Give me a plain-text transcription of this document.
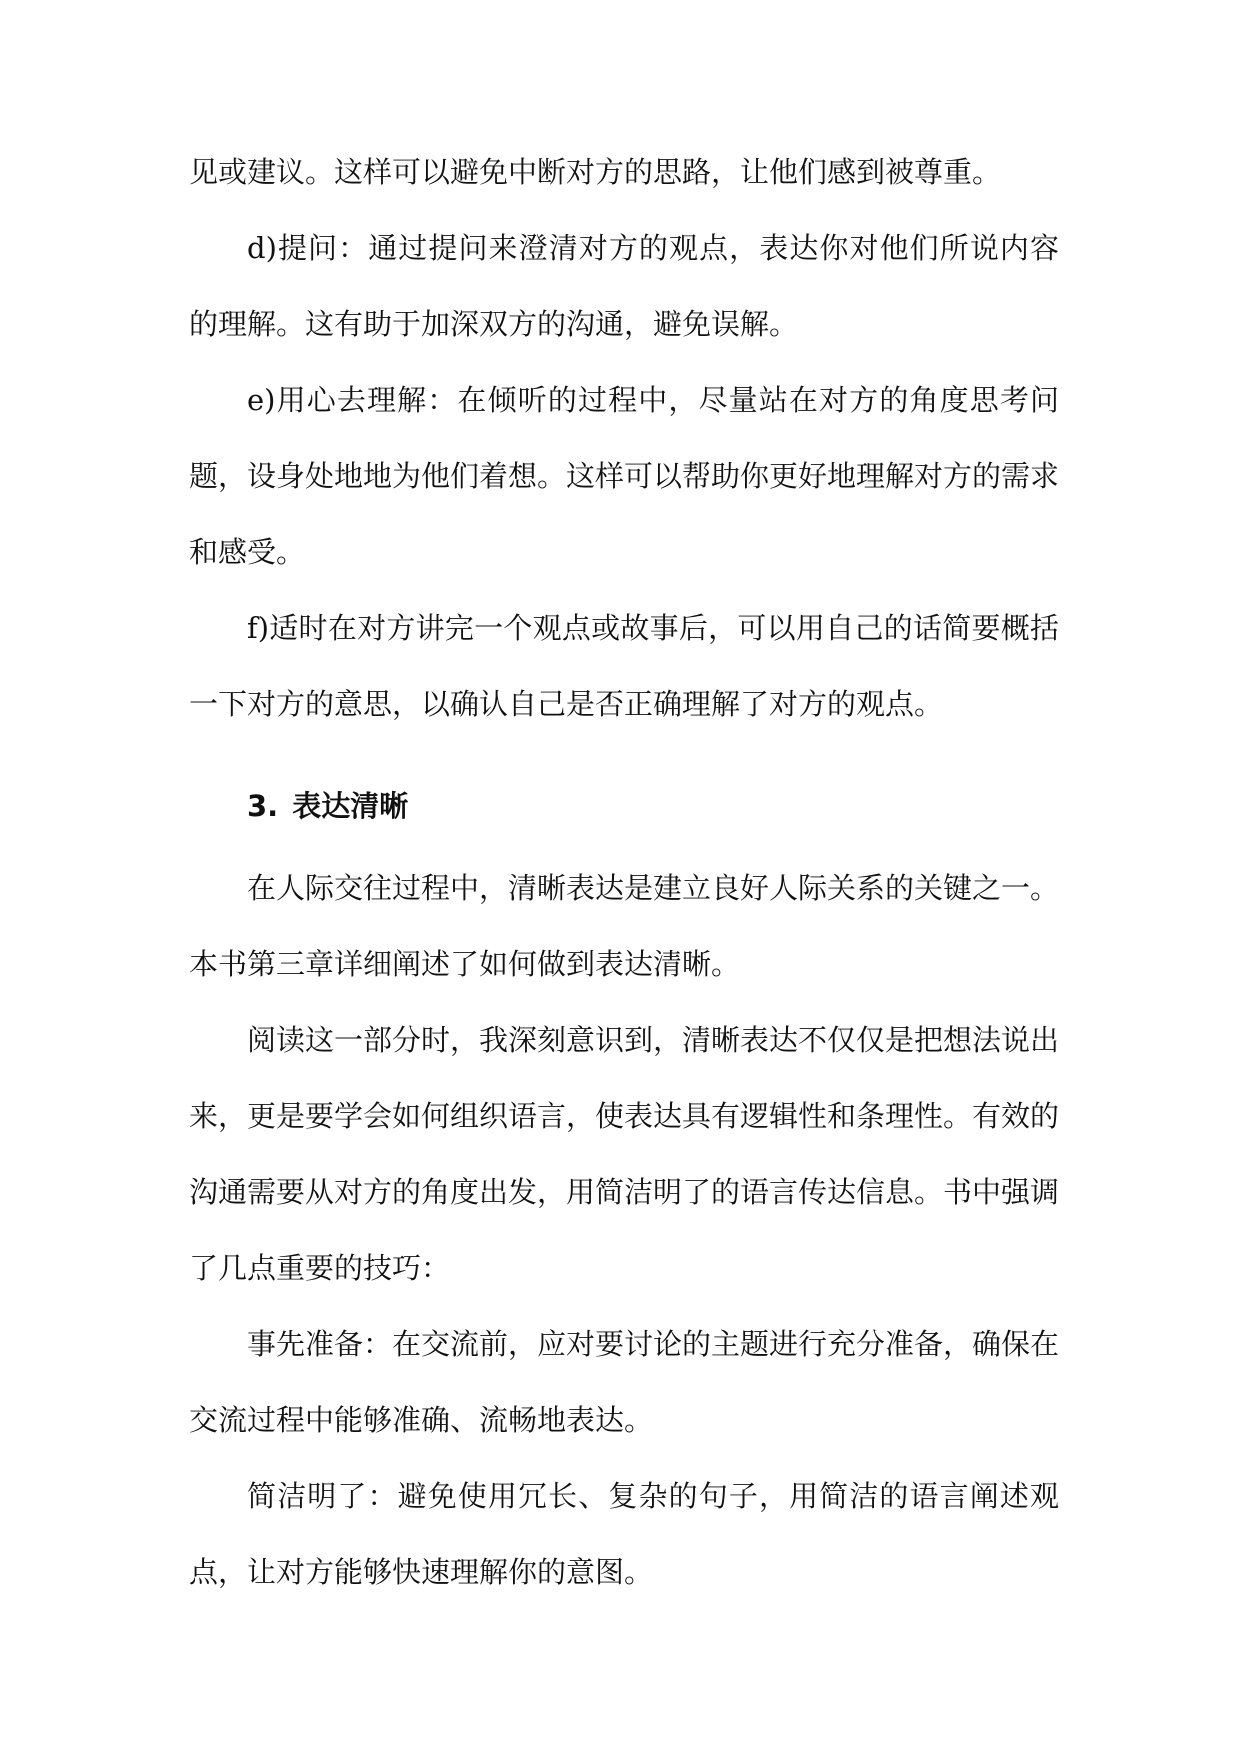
见或建议。这样可以避免中断对方的思路，让他们感到被尊重。

d)提问：通过提问来澄清对方的观点，表达你对他们所说内容的理解。这有助于加深双方的沟通，避免误解。

e)用心去理解：在倾听的过程中，尽量站在对方的角度思考问题，设身处地地为他们着想。这样可以帮助你更好地理解对方的需求和感受。

f)适时在对方讲完一个观点或故事后，可以用自己的话简要概括一下对方的意思，以确认自己是否正确理解了对方的观点。

3. 表达清晰

在人际交往过程中，清晰表达是建立良好人际关系的关键之一。本书第三章详细阐述了如何做到表达清晰。

阅读这一部分时，我深刻意识到，清晰表达不仅仅是把想法说出来，更是要学会如何组织语言，使表达具有逻辑性和条理性。有效的沟通需要从对方的角度出发，用简洁明了的语言传达信息。书中强调了几点重要的技巧：

事先准备：在交流前，应对要讨论的主题进行充分准备，确保在交流过程中能够准确、流畅地表达。

简洁明了：避免使用冗长、复杂的句子，用简洁的语言阐述观点，让对方能够快速理解你的意图。
